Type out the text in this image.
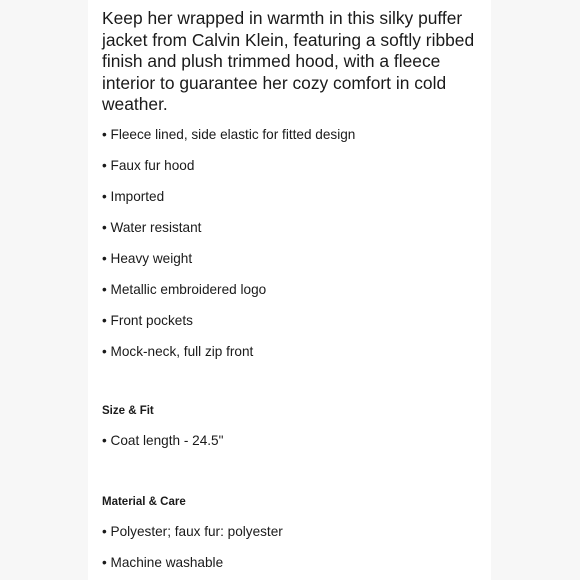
Keep her wrapped in warmth in this silky puffer jacket from Calvin Klein, featuring a softly ribbed finish and plush trimmed hood, with a fleece interior to guarantee her cozy comfort in cold weather.

• Fleece lined, side elastic for fitted design
• Faux fur hood
• Imported
• Water resistant
• Heavy weight
• Metallic embroidered logo
• Front pockets
• Mock-neck, full zip front
Size & Fit

• Coat length - 24.5"

Material & Care

• Polyester; faux fur: polyester

• Machine washable
